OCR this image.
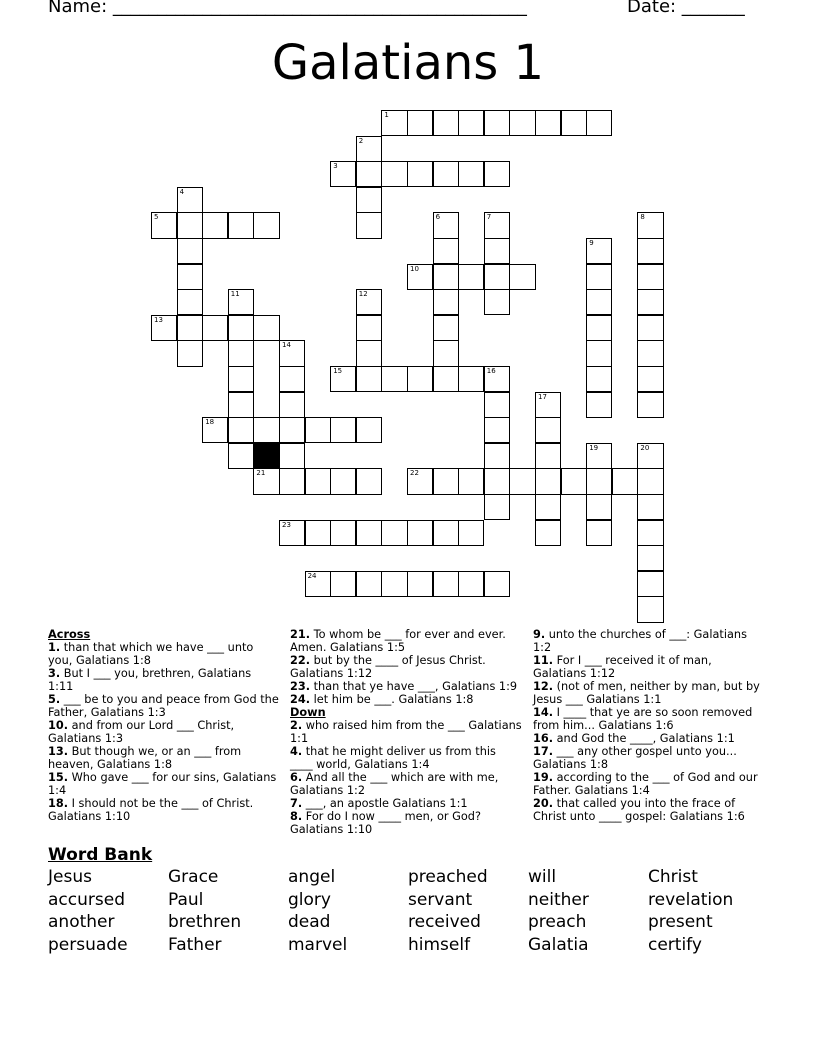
Name: ______________________________________________	Date: _______
Galatians 1
1
2
3
4
5	6	7	8
9
10
11	12
13
14
15	16
17
18
19	20
21	22
23
24

Across

1. than that which we have ___ unto you, Galatians 1:8

3. But I ___ you, brethren, Galatians 1:11

5. ___ be to you and peace from God the Father, Galatians 1:3

10. and from our Lord ___ Christ, Galatians 1:3

13. But though we, or an ___ from heaven, Galatians 1:8

15. Who gave ___ for our sins, Galatians 1:4

18. I should not be the ___ of Christ. Galatians 1:10

21. To whom be ___ for ever and ever. Amen. Galatians 1:5

22. but by the ____ of Jesus Christ. Galatians 1:12

23. than that ye have ___, Galatians 1:9

24. let him be ___. Galatians 1:8

Down

2. who raised him from the ___ Galatians 1:1

4. that he might deliver us from this ____ world, Galatians 1:4

6. And all the ___ which are with me, Galatians 1:2

7. ___, an apostle Galatians 1:1

8. For do I now ____ men, or God? Galatians 1:10

9. unto the churches of ___: Galatians 1:2

11. For I ___ received it of man, Galatians 1:12

12. (not of men, neither by man, but by Jesus ___ Galatians 1:1

14. I ____ that ye are so soon removed from him... Galatians 1:6

16. and God the ____, Galatians 1:1

17. ___ any other gospel unto you... Galatians 1:8

19. according to the ___ of God and our Father. Galatians 1:4

20. that called you into the frace of Christ unto ____ gospel: Galatians 1:6

Word Bank
Jesus	Grace	angel	preached	will	Christ
accursed	Paul	glory	servant	neither	revelation
another	brethren	dead	received	preach	present
persuade	Father	marvel	himself	Galatia	certify
